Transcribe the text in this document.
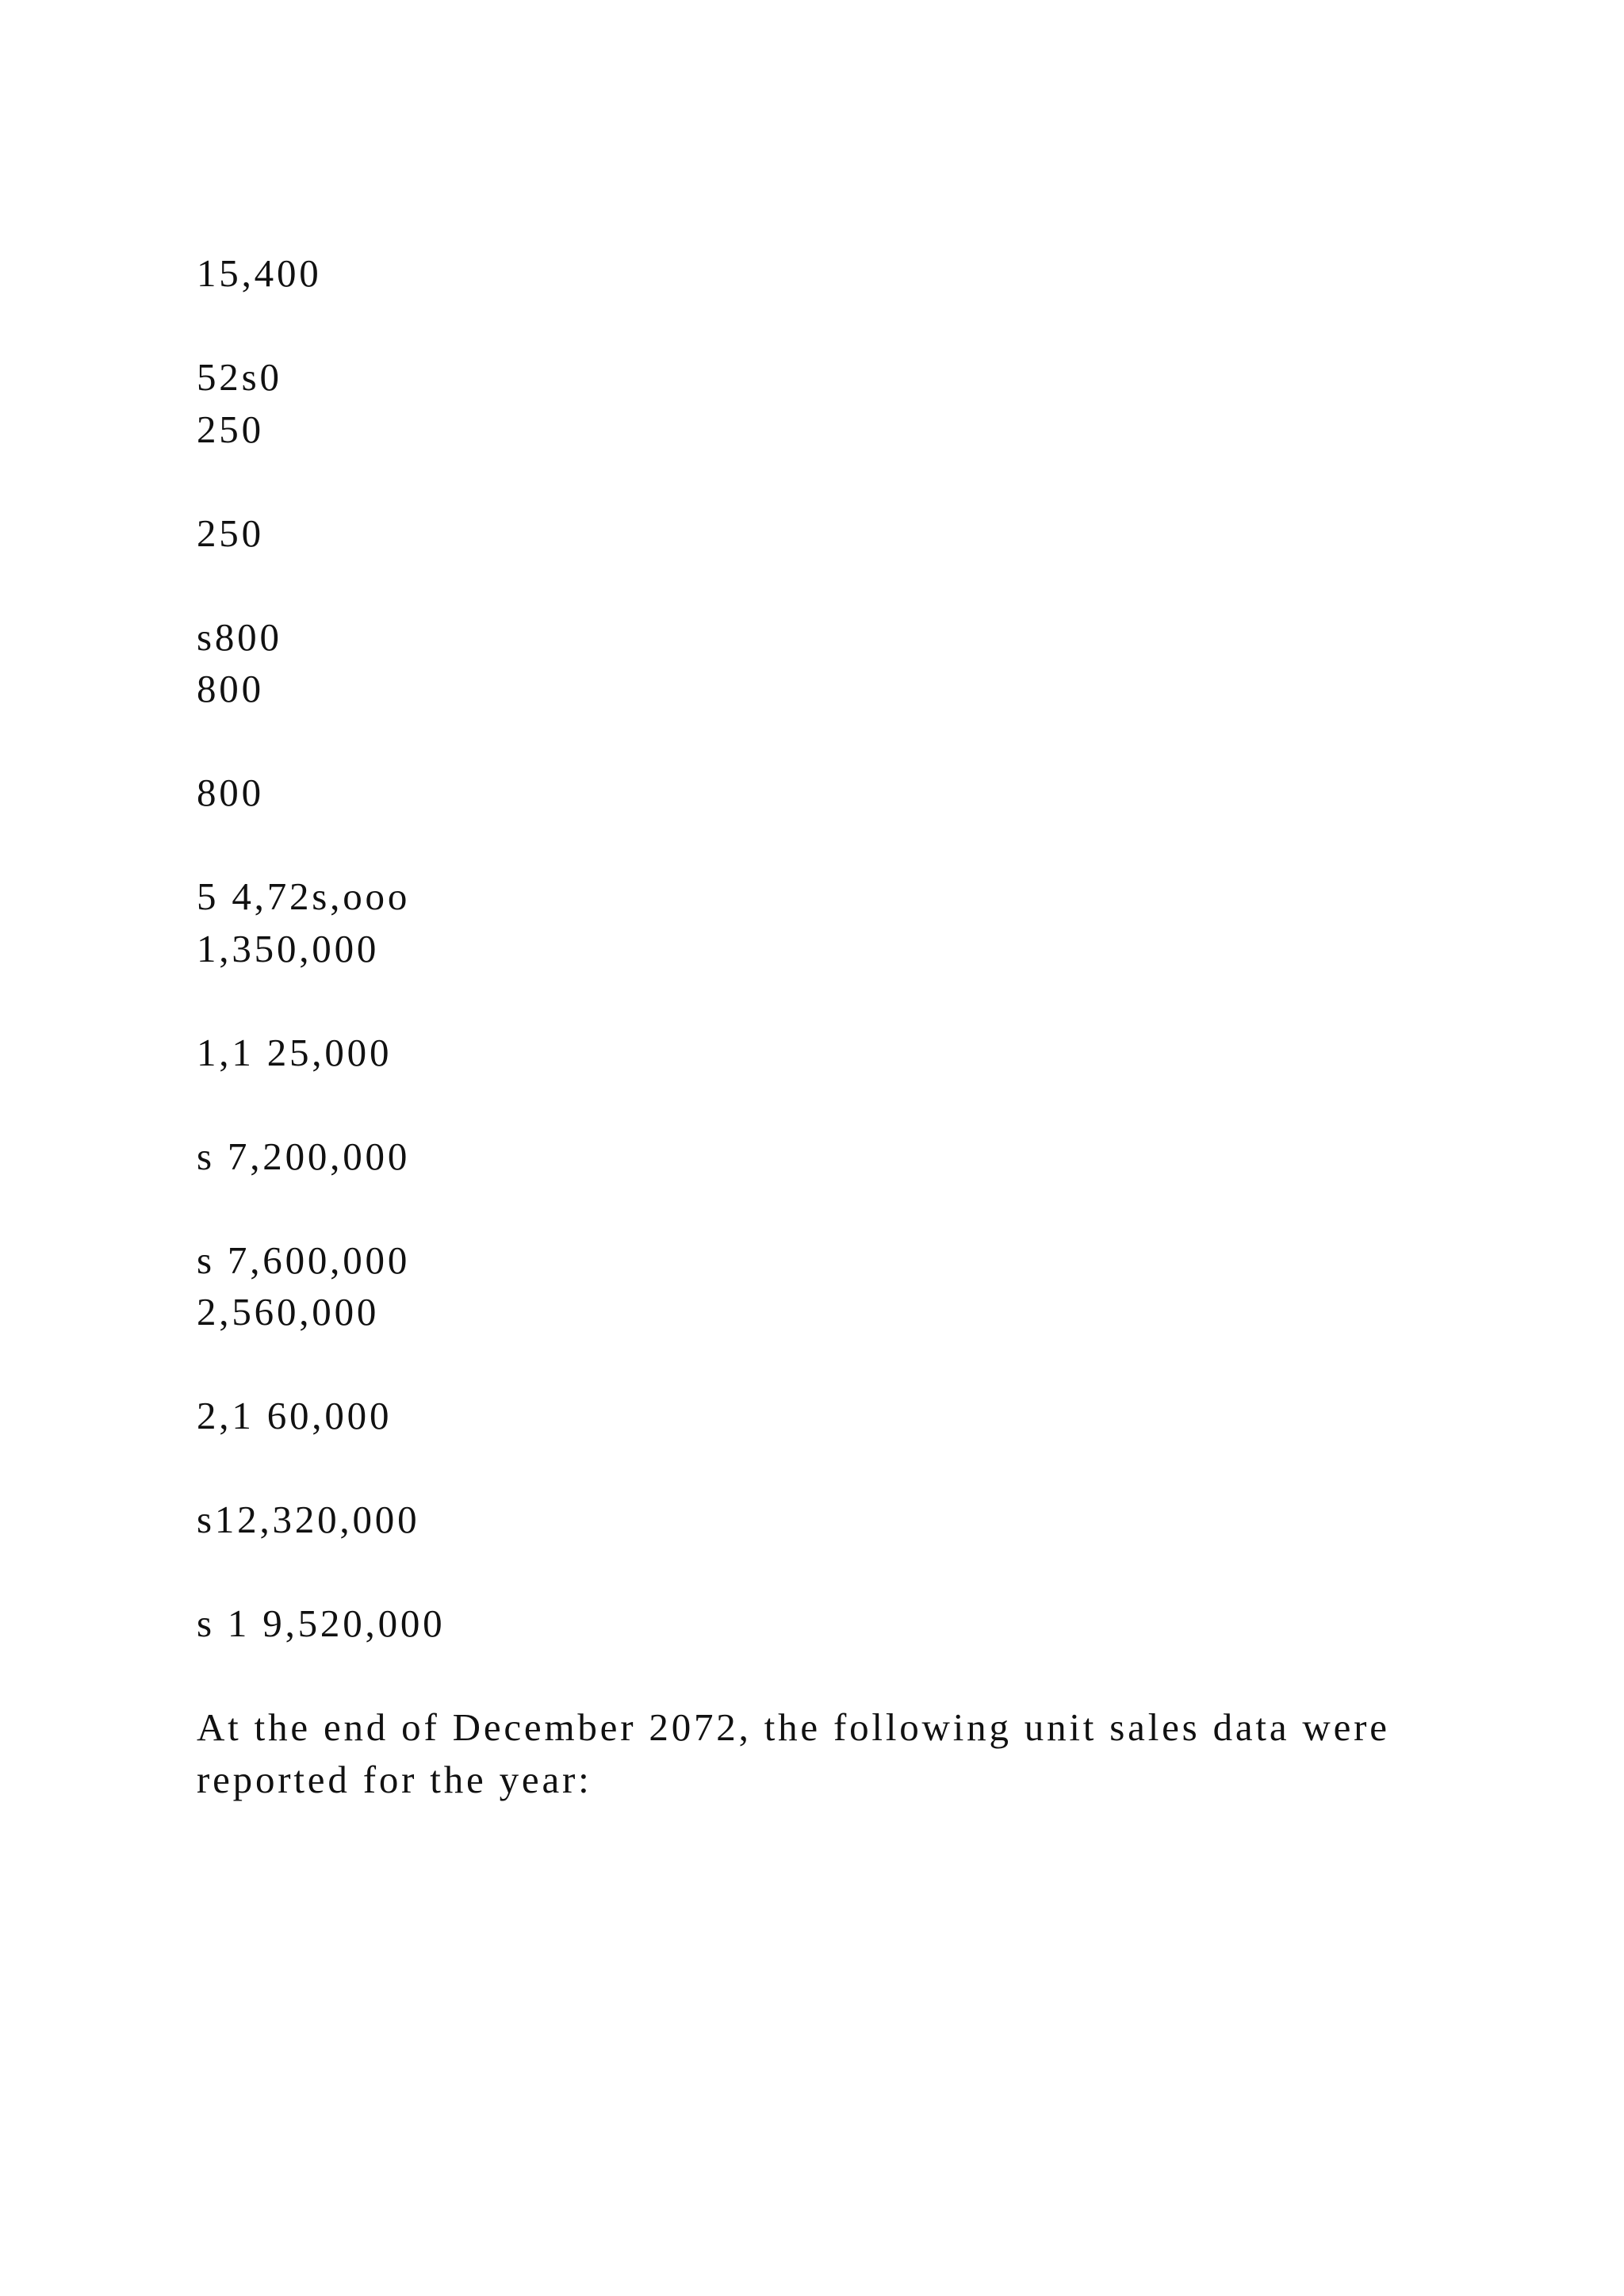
15,400
52s0
250
250
s800
800
800
5 4,72s,ooo
1,350,000
1,1 25,000
s 7,200,000
s 7,600,000
2,560,000
2,1 60,000
s12,320,000
s 1 9,520,000

At the end of December 2072, the following unit sales data were reported for the year:
